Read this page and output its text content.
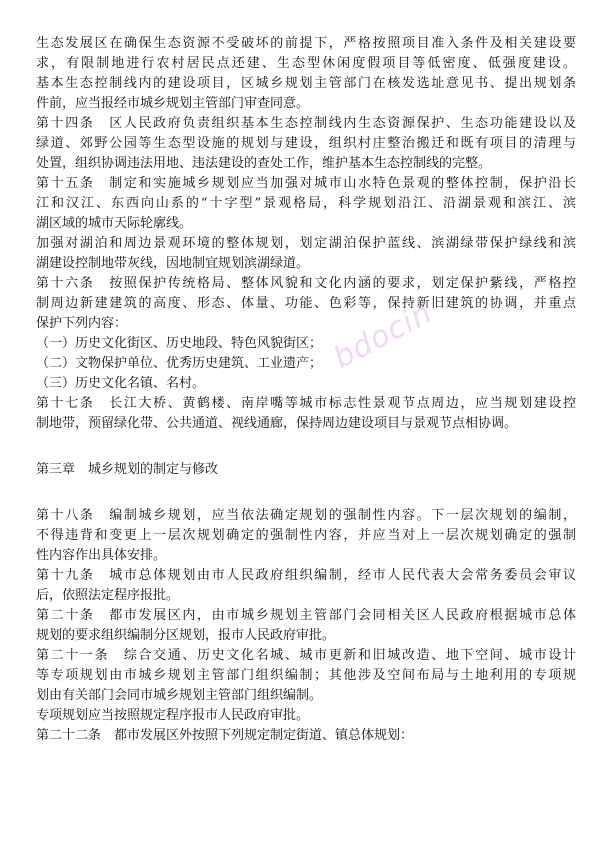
生态发展区在确保生态资源不受破坏的前提下，严格按照项目准入条件及相关建设要
求，有限制地进行农村居民点还建、生态型休闲度假项目等低密度、低强度建设。
基本生态控制线内的建设项目，区城乡规划主管部门在核发选址意见书、提出规划条
件前，应当报经市城乡规划主管部门审查同意。
第十四条　区人民政府负责组织基本生态控制线内生态资源保护、生态功能建设以及
绿道、郊野公园等生态型设施的规划与建设，组织村庄整治搬迁和既有项目的清理与
处置，组织协调违法用地、违法建设的查处工作，维护基本生态控制线的完整。
第十五条　制定和实施城乡规划应当加强对城市山水特色景观的整体控制，保护沿长
江和汉江、东西向山系的“十字型”景观格局，科学规划沿江、沿湖景观和滨江、滨
湖区域的城市天际轮廓线。
加强对湖泊和周边景观环境的整体规划，划定湖泊保护蓝线、滨湖绿带保护绿线和滨
湖建设控制地带灰线，因地制宜规划滨湖绿道。
第十六条　按照保护传统格局、整体风貌和文化内涵的要求，划定保护紫线，严格控
制周边新建建筑的高度、形态、体量、功能、色彩等，保持新旧建筑的协调，并重点
保护下列内容：
（一）历史文化街区、历史地段、特色风貌街区；
（二）文物保护单位、优秀历史建筑、工业遗产；
（三）历史文化名镇、名村。
第十七条　长江大桥、黄鹤楼、南岸嘴等城市标志性景观节点周边，应当规划建设控
制地带，预留绿化带、公共通道、视线通廊，保持周边建设项目与景观节点相协调。
第三章　城乡规划的制定与修改
第十八条　编制城乡规划，应当依法确定规划的强制性内容。下一层次规划的编制，
不得违背和变更上一层次规划确定的强制性内容，并应当对上一层次规划确定的强制
性内容作出具体安排。
第十九条　城市总体规划由市人民政府组织编制，经市人民代表大会常务委员会审议
后，依照法定程序报批。
第二十条　都市发展区内，由市城乡规划主管部门会同相关区人民政府根据城市总体
规划的要求组织编制分区规划，报市人民政府审批。
第二十一条　综合交通、历史文化名城、城市更新和旧城改造、地下空间、城市设计
等专项规划由市城乡规划主管部门组织编制；其他涉及空间布局与土地利用的专项规
划由有关部门会同市城乡规划主管部门组织编制。
专项规划应当按照规定程序报市人民政府审批。
第二十二条　都市发展区外按照下列规定制定街道、镇总体规划：
bdocin
